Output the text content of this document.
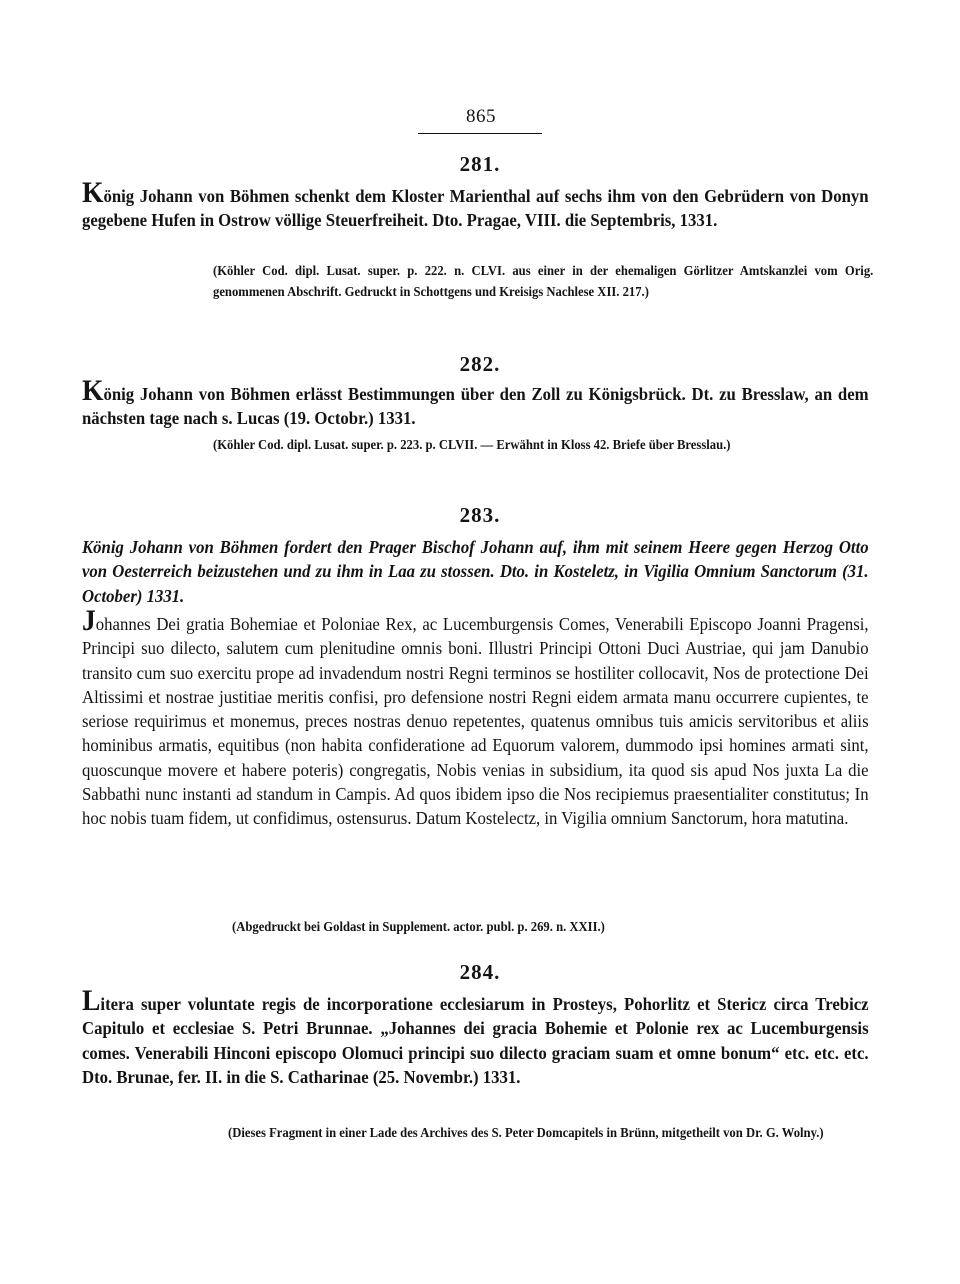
865
281.

König Johann von Böhmen schenkt dem Kloster Marienthal auf sechs ihm von den Gebrüdern von Donyn gegebene Hufen in Ostrow völlige Steuerfreiheit. Dto. Pragae, VIII. die Septembris, 1331.

(Köhler Cod. dipl. Lusat. super. p. 222. n. CLVI. aus einer in der ehemaligen Görlitzer Amtskanzlei vom Orig. genommenen Abschrift. Gedruckt in Schottgens und Kreisigs Nachlese XII. 217.)

282.

König Johann von Böhmen erlässt Bestimmungen über den Zoll zu Königsbrück. Dt. zu Bresslaw, an dem nächsten tage nach s. Lucas (19. Octobr.) 1331.

(Köhler Cod. dipl. Lusat. super. p. 223. p. CLVII. — Erwähnt in Kloss 42. Briefe über Bresslau.)

283.

König Johann von Böhmen fordert den Prager Bischof Johann auf, ihm mit seinem Heere gegen Herzog Otto von Oesterreich beizustehen und zu ihm in Laa zu stossen. Dto. in Kosteletz, in Vigilia Omnium Sanctorum (31. October) 1331.

Johannes Dei gratia Bohemiae et Poloniae Rex, ac Lucemburgensis Comes, Venerabili Episcopo Joanni Pragensi, Principi suo dilecto, salutem cum plenitudine omnis boni. Illustri Principi Ottoni Duci Austriae, qui jam Danubio transito cum suo exercitu prope ad invadendum nostri Regni terminos se hostiliter collocavit, Nos de protectione Dei Altissimi et nostrae justitiae meritis confisi, pro defensione nostri Regni eidem armata manu occurrere cupientes, te seriose requirimus et monemus, preces nostras denuo repetentes, quatenus omnibus tuis amicis servitoribus et aliis hominibus armatis, equitibus (non habita confideratione ad Equorum valorem, dummodo ipsi homines armati sint, quoscunque movere et habere poteris) congregatis, Nobis venias in subsidium, ita quod sis apud Nos juxta La die Sabbathi nunc instanti ad standum in Campis. Ad quos ibidem ipso die Nos recipiemus praesentialiter constitutus; In hoc nobis tuam fidem, ut confidimus, ostensurus. Datum Kostelectz, in Vigilia omnium Sanctorum, hora matutina.

(Abgedruckt bei Goldast in Supplement. actor. publ. p. 269. n. XXII.)

284.

Litera super voluntate regis de incorporatione ecclesiarum in Prosteys, Pohorlitz et Stericz circa Trebicz Capitulo et ecclesiae S. Petri Brunnae. „Johannes dei gracia Bohemie et Polonie rex ac Lucemburgensis comes. Venerabili Hinconi episcopo Olomuci principi suo dilecto graciam suam et omne bonum“ etc. etc. etc. Dto. Brunae, fer. II. in die S. Catharinae (25. Novembr.) 1331.

(Dieses Fragment in einer Lade des Archives des S. Peter Domcapitels in Brünn, mitgetheilt von Dr. G. Wolny.)
